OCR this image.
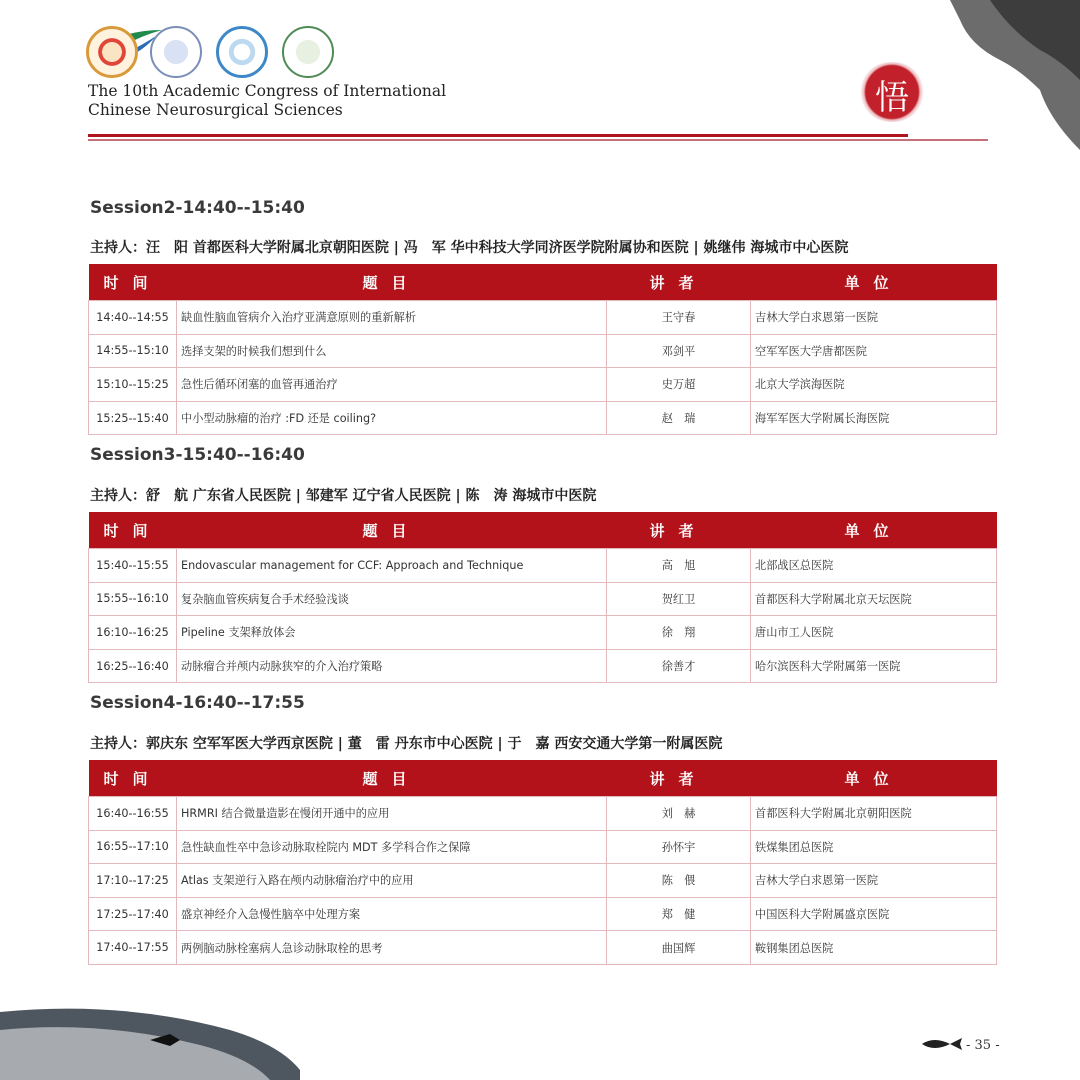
The 10th Academic Congress of International
Chinese Neurosurgical Sciences	悟
Session2-14:40--15:40
主持人：汪　阳 首都医科大学附属北京朝阳医院 | 冯　军 华中科技大学同济医学院附属协和医院 | 姚继伟 海城市中心医院
时间	题目	讲者	单位
14:40--14:55	缺血性脑血管病介入治疗亚满意原则的重新解析	王守春	吉林大学白求恩第一医院
14:55--15:10	选择支架的时候我们想到什么	邓剑平	空军军医大学唐都医院
15:10--15:25	急性后循环闭塞的血管再通治疗	史万超	北京大学滨海医院
15:25--15:40	中小型动脉瘤的治疗 :FD 还是 coiling?	赵　瑞	海军军医大学附属长海医院
Session3-15:40--16:40
主持人：舒　航 广东省人民医院 | 邹建军 辽宁省人民医院 | 陈　涛 海城市中医院
时间	题目	讲者	单位
15:40--15:55	Endovascular management for CCF: Approach and Technique	高　旭	北部战区总医院
15:55--16:10	复杂脑血管疾病复合手术经验浅谈	贺红卫	首都医科大学附属北京天坛医院
16:10--16:25	Pipeline 支架释放体会	徐　翔	唐山市工人医院
16:25--16:40	动脉瘤合并颅内动脉狭窄的介入治疗策略	徐善才	哈尔滨医科大学附属第一医院
Session4-16:40--17:55
主持人：郭庆东 空军军医大学西京医院 | 董　雷 丹东市中心医院 | 于　嘉 西安交通大学第一附属医院
时间	题目	讲者	单位
16:40--16:55	HRMRI 结合微量造影在慢闭开通中的应用	刘　赫	首都医科大学附属北京朝阳医院
16:55--17:10	急性缺血性卒中急诊动脉取栓院内 MDT 多学科合作之保障	孙怀宇	铁煤集团总医院
17:10--17:25	Atlas 支架逆行入路在颅内动脉瘤治疗中的应用	陈　偎	吉林大学白求恩第一医院
17:25--17:40	盛京神经介入急慢性脑卒中处理方案	郑　健	中国医科大学附属盛京医院
17:40--17:55	两例脑动脉栓塞病人急诊动脉取栓的思考	曲国辉	鞍钢集团总医院
- 35 -
